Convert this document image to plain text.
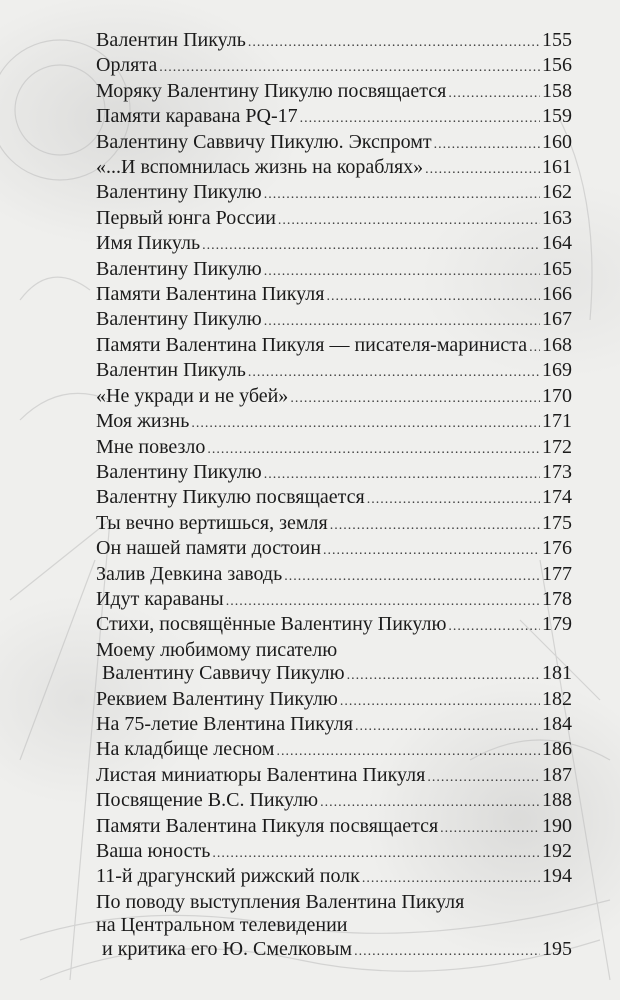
Валентин Пикуль .....	155
Орлята .....	156
Моряку Валентину Пикулю посвящается .....	158
Памяти каравана PQ-17 .....	159
Валентину Саввичу Пикулю. Экспромт .....	160
«...И вспомнилась жизнь на кораблях» .....	161
Валентину Пикулю .....	162
Первый юнга России .....	163
Имя Пикуль .....	164
Валентину Пикулю .....	165
Памяти Валентина Пикуля .....	166
Валентину Пикулю .....	167
Памяти Валентина Пикуля — писателя-мариниста ..... 168
Валентин Пикуль .....	169
«Не укради и не убей» .....	170
Моя жизнь .....	171
Мне повезло .....	172
Валентину Пикулю .....	173
Валентну Пикулю посвящается .....	174
Ты вечно вертишься, земля .....	175
Он нашей памяти достоин .....	176
Залив Девкина заводь .....	177
Идут караваны .....	178
Стихи, посвящённые Валентину Пикулю .....	179
Моему любимому писателю
Валентину Саввичу Пикулю .....	181
Реквием Валентину Пикулю .....	182
На 75-летие Влентина Пикуля .....	184
На кладбище лесном .....	186
Листая миниатюры Валентина Пикуля .....	187
Посвящение В.С. Пикулю .....	188
Памяти Валентина Пикуля посвящается .....	190
Ваша юность .....	192
11-й драгунский рижский полк .....	194
По поводу выступления Валентина Пикуля
на Центральном телевидении
и критика его Ю. Смелковым .....	195
